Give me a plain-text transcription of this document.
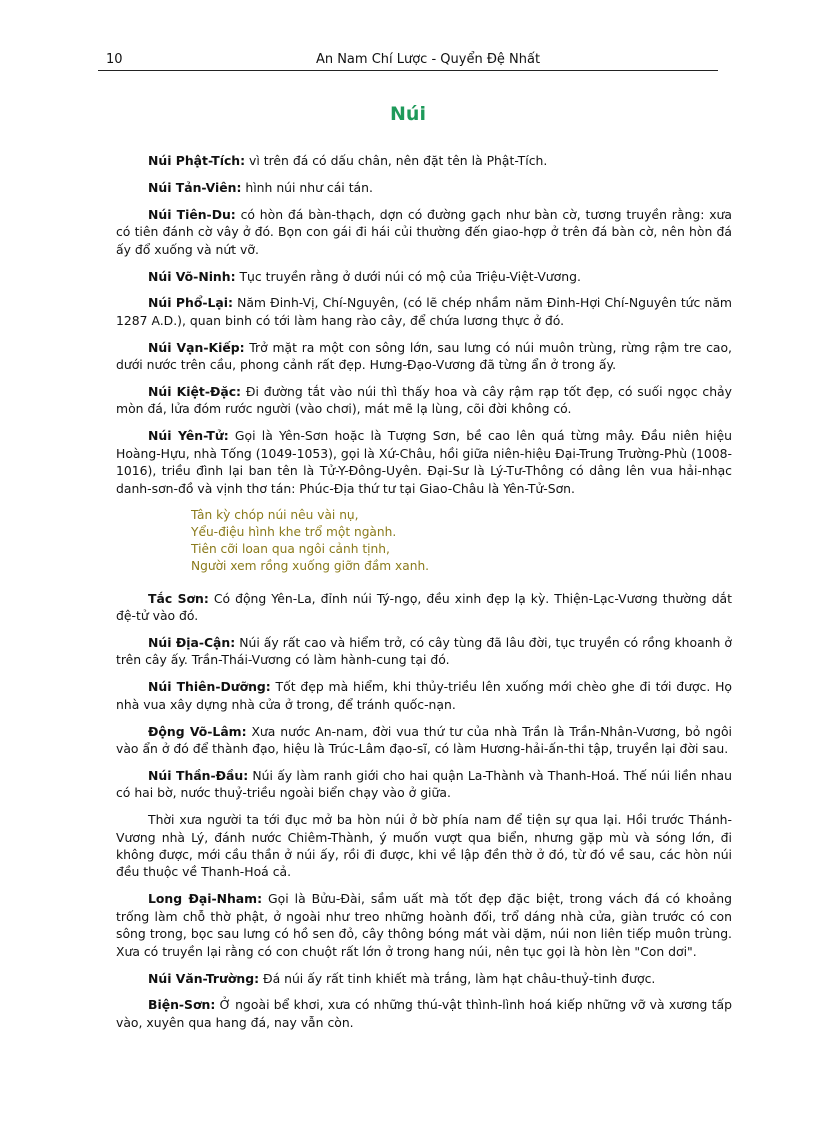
10	An Nam Chí Lược - Quyển Đệ Nhất
Núi

Núi Phật-Tích: vì trên đá có dấu chân, nên đặt tên là Phật-Tích.

Núi Tản-Viên: hình núi như cái tán.

Núi Tiên-Du: có hòn đá bàn-thạch, dợn có đường gạch như bàn cờ, tương truyền rằng: xưa có tiên đánh cờ vây ở đó. Bọn con gái đi hái củi thường đến giao-hợp ở trên đá bàn cờ, nên hòn đá ấy đổ xuống và nứt vỡ.

Núi Võ-Ninh: Tục truyền rằng ở dưới núi có mộ của Triệu-Việt-Vương.

Núi Phổ-Lại: Năm Đinh-Vị, Chí-Nguyên, (có lẽ chép nhầm năm Đinh-Hợi Chí-Nguyên tức năm 1287 A.D.), quan binh có tới làm hang rào cây, để chứa lương thực ở đó.

Núi Vạn-Kiếp: Trở mặt ra một con sông lớn, sau lưng có núi muôn trùng, rừng rậm tre cao, dưới nước trên cầu, phong cảnh rất đẹp. Hưng-Đạo-Vương đã từng ẩn ở trong ấy.

Núi Kiệt-Đặc: Đi đường tắt vào núi thì thấy hoa và cây rậm rạp tốt đẹp, có suối ngọc chảy mòn đá, lửa đóm rước người (vào chơi), mát mẽ lạ lùng, cõi đời không có.

Núi Yên-Tử: Gọi là Yên-Sơn hoặc là Tượng Sơn, bề cao lên quá từng mây. Đầu niên hiệu Hoàng-Hựu, nhà Tống (1049-1053), gọi là Xứ-Châu, hồi giữa niên-hiệu Đại-Trung Trường-Phù (1008-1016), triều đình lại ban tên là Tử-Y-Đông-Uyên. Đại-Sư là Lý-Tư-Thông có dâng lên vua hải-nhạc danh-sơn-đồ và vịnh thơ tán: Phúc-Địa thứ tư tại Giao-Châu là Yên-Tử-Sơn.

Tân kỳ chóp núi nêu vài nụ,
Yểu-điệu hình khe trổ một ngành.
Tiên cỡi loan qua ngôi cảnh tịnh,
Người xem rồng xuống giỡn đầm xanh.

Tắc Sơn: Có động Yên-La, đỉnh núi Tý-ngọ, đều xinh đẹp lạ kỳ. Thiện-Lạc-Vương thường dắt đệ-tử vào đó.

Núi Địa-Cận: Núi ấy rất cao và hiểm trở, có cây tùng đã lâu đời, tục truyền có rồng khoanh ở trên cây ấy. Trần-Thái-Vương có làm hành-cung tại đó.

Núi Thiên-Dưỡng: Tốt đẹp mà hiểm, khi thủy-triều lên xuống mới chèo ghe đi tới được. Họ nhà vua xây dựng nhà cửa ở trong, để tránh quốc-nạn.

Động Võ-Lâm: Xưa nước An-nam, đời vua thứ tư của nhà Trần là Trần-Nhân-Vương, bỏ ngôi vào ẩn ở đó để thành đạo, hiệu là Trúc-Lâm đạo-sĩ, có làm Hương-hải-ấn-thi tập, truyền lại đời sau.

Núi Thần-Đầu: Núi ấy làm ranh giới cho hai quận La-Thành và Thanh-Hoá. Thế núi liền nhau có hai bờ, nước thuỷ-triều ngoài biển chạy vào ở giữa.

Thời xưa người ta tới đục mở ba hòn núi ở bờ phía nam để tiện sự qua lại. Hồi trước Thánh-Vương nhà Lý, đánh nước Chiêm-Thành, ý muốn vượt qua biển, nhưng gặp mù và sóng lớn, đi không được, mới cầu thần ở núi ấy, rồi đi được, khi về lập đền thờ ở đó, từ đó về sau, các hòn núi đều thuộc về Thanh-Hoá cả.

Long Đại-Nham: Gọi là Bửu-Đài, sầm uất mà tốt đẹp đặc biệt, trong vách đá có khoảng trống làm chỗ thờ phật, ở ngoài như treo những hoành đối, trổ dáng nhà cửa, giàn trước có con sông trong, bọc sau lưng có hồ sen đỏ, cây thông bóng mát vài dặm, núi non liên tiếp muôn trùng. Xưa có truyền lại rằng có con chuột rất lớn ở trong hang núi, nên tục gọi là hòn lèn "Con dơi".

Núi Văn-Trường: Đá núi ấy rất tinh khiết mà trắng, làm hạt châu-thuỷ-tinh được.

Biện-Sơn: Ở ngoài bể khơi, xưa có những thú-vật thình-lình hoá kiếp những vỡ và xương tấp vào, xuyên qua hang đá, nay vẫn còn.
